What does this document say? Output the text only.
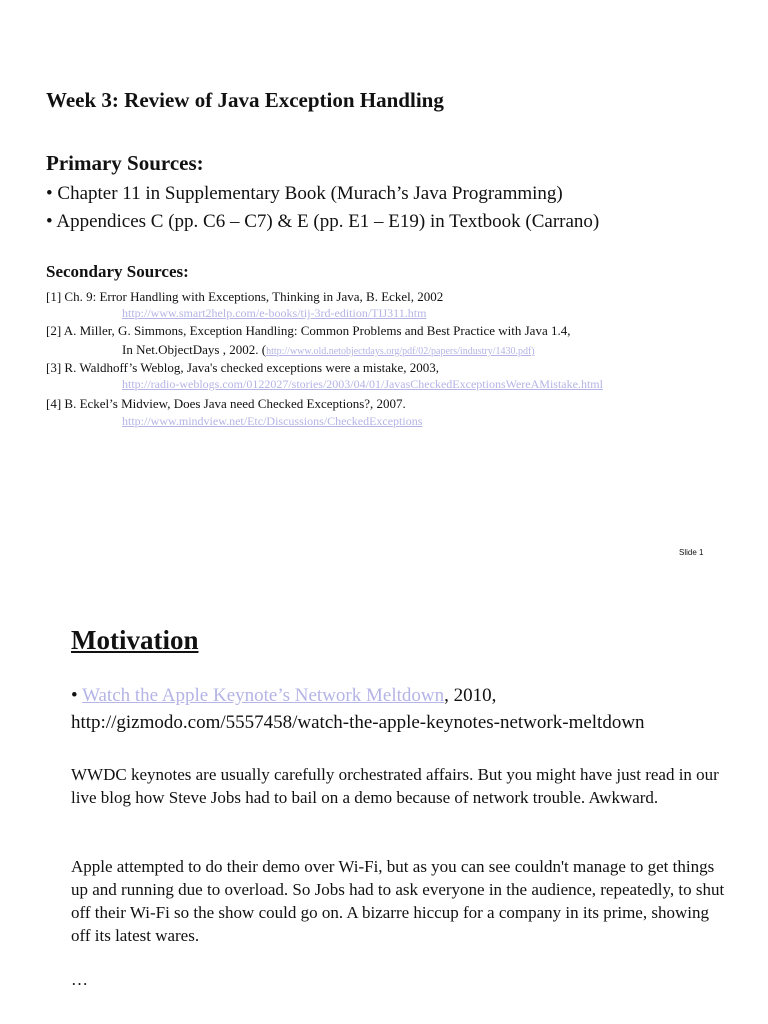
Week 3: Review of Java Exception Handling
Primary Sources:
• Chapter 11 in Supplementary Book (Murach’s Java Programming)
• Appendices C (pp. C6 – C7) & E (pp. E1 – E19) in Textbook (Carrano)
Secondary Sources:
[1] Ch. 9: Error Handling with Exceptions, Thinking in Java, B. Eckel, 2002
http://www.smart2help.com/e-books/tij-3rd-edition/TIJ311.htm
[2] A. Miller, G. Simmons, Exception Handling: Common Problems and Best Practice with Java 1.4,
In Net.ObjectDays , 2002. (http://www.old.netobjectdays.org/pdf/02/papers/industry/1430.pdf)
[3] R. Waldhoff’s Weblog, Java's checked exceptions were a mistake, 2003,
http://radio-weblogs.com/0122027/stories/2003/04/01/JavasCheckedExceptionsWereAMistake.html
[4] B. Eckel’s Midview, Does Java need Checked Exceptions?, 2007.
http://www.mindview.net/Etc/Discussions/CheckedExceptions
Slide 1
Motivation
• Watch the Apple Keynote’s Network Meltdown, 2010,
http://gizmodo.com/5557458/watch-the-apple-keynotes-network-meltdown
WWDC keynotes are usually carefully orchestrated affairs. But you might have just read in our live blog how Steve Jobs had to bail on a demo because of network trouble. Awkward.
Apple attempted to do their demo over Wi-Fi, but as you can see couldn't manage to get things up and running due to overload. So Jobs had to ask everyone in the audience, repeatedly, to shut off their Wi-Fi so the show could go on. A bizarre hiccup for a company in its prime, showing off its latest wares.
…
